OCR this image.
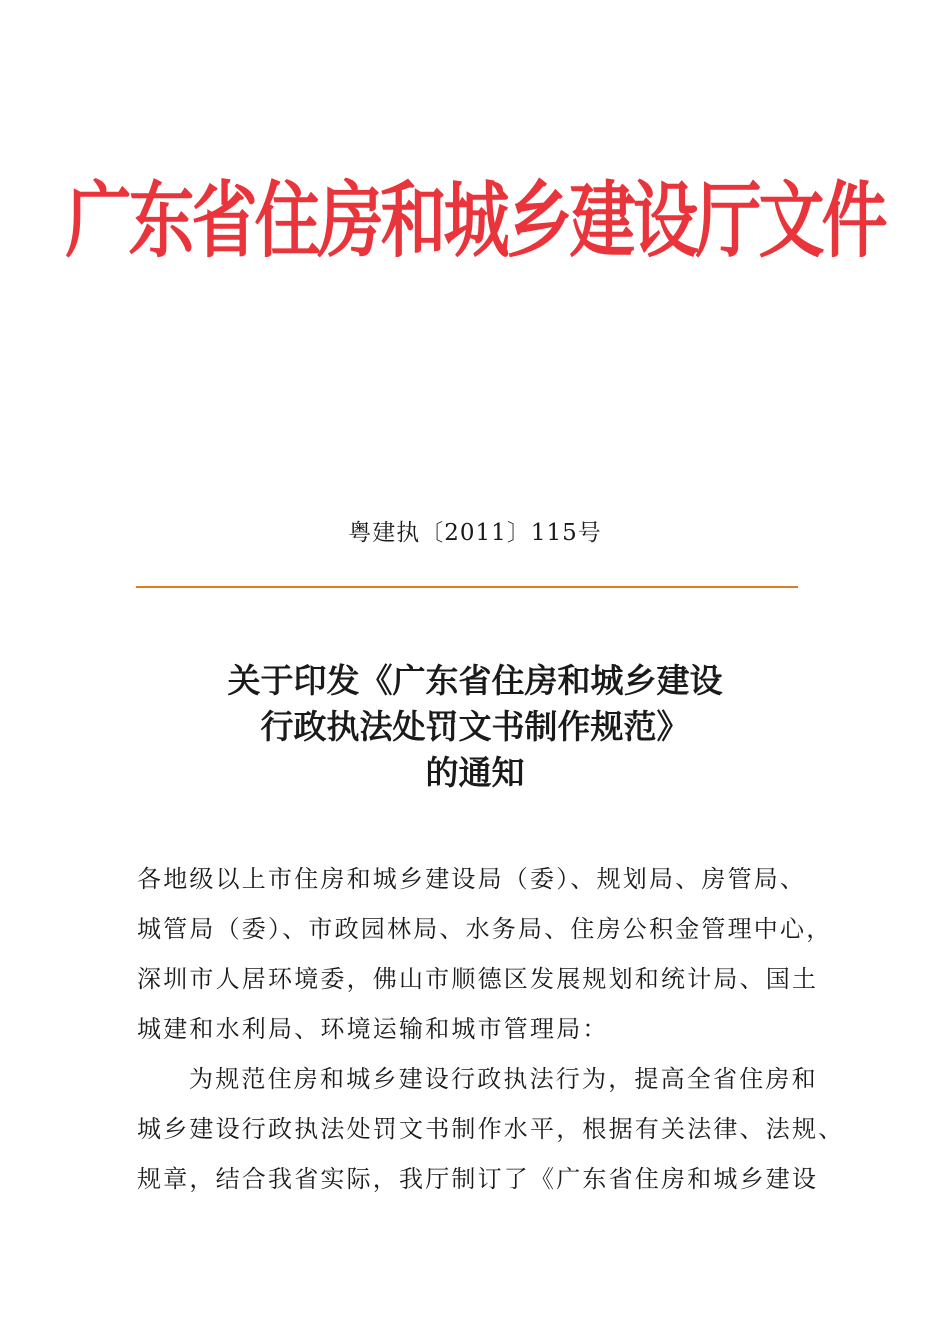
广东省住房和城乡建设厅文件
粤建执〔2011〕115号
关于印发《广东省住房和城乡建设
行政执法处罚文书制作规范》
的通知
各地级以上市住房和城乡建设局（委）、规划局、房管局、
城管局（委）、市政园林局、水务局、住房公积金管理中心，
深圳市人居环境委，佛山市顺德区发展规划和统计局、国土
城建和水利局、环境运输和城市管理局：
为规范住房和城乡建设行政执法行为，提高全省住房和
城乡建设行政执法处罚文书制作水平，根据有关法律、法规、
规章，结合我省实际，我厅制订了《广东省住房和城乡建设
